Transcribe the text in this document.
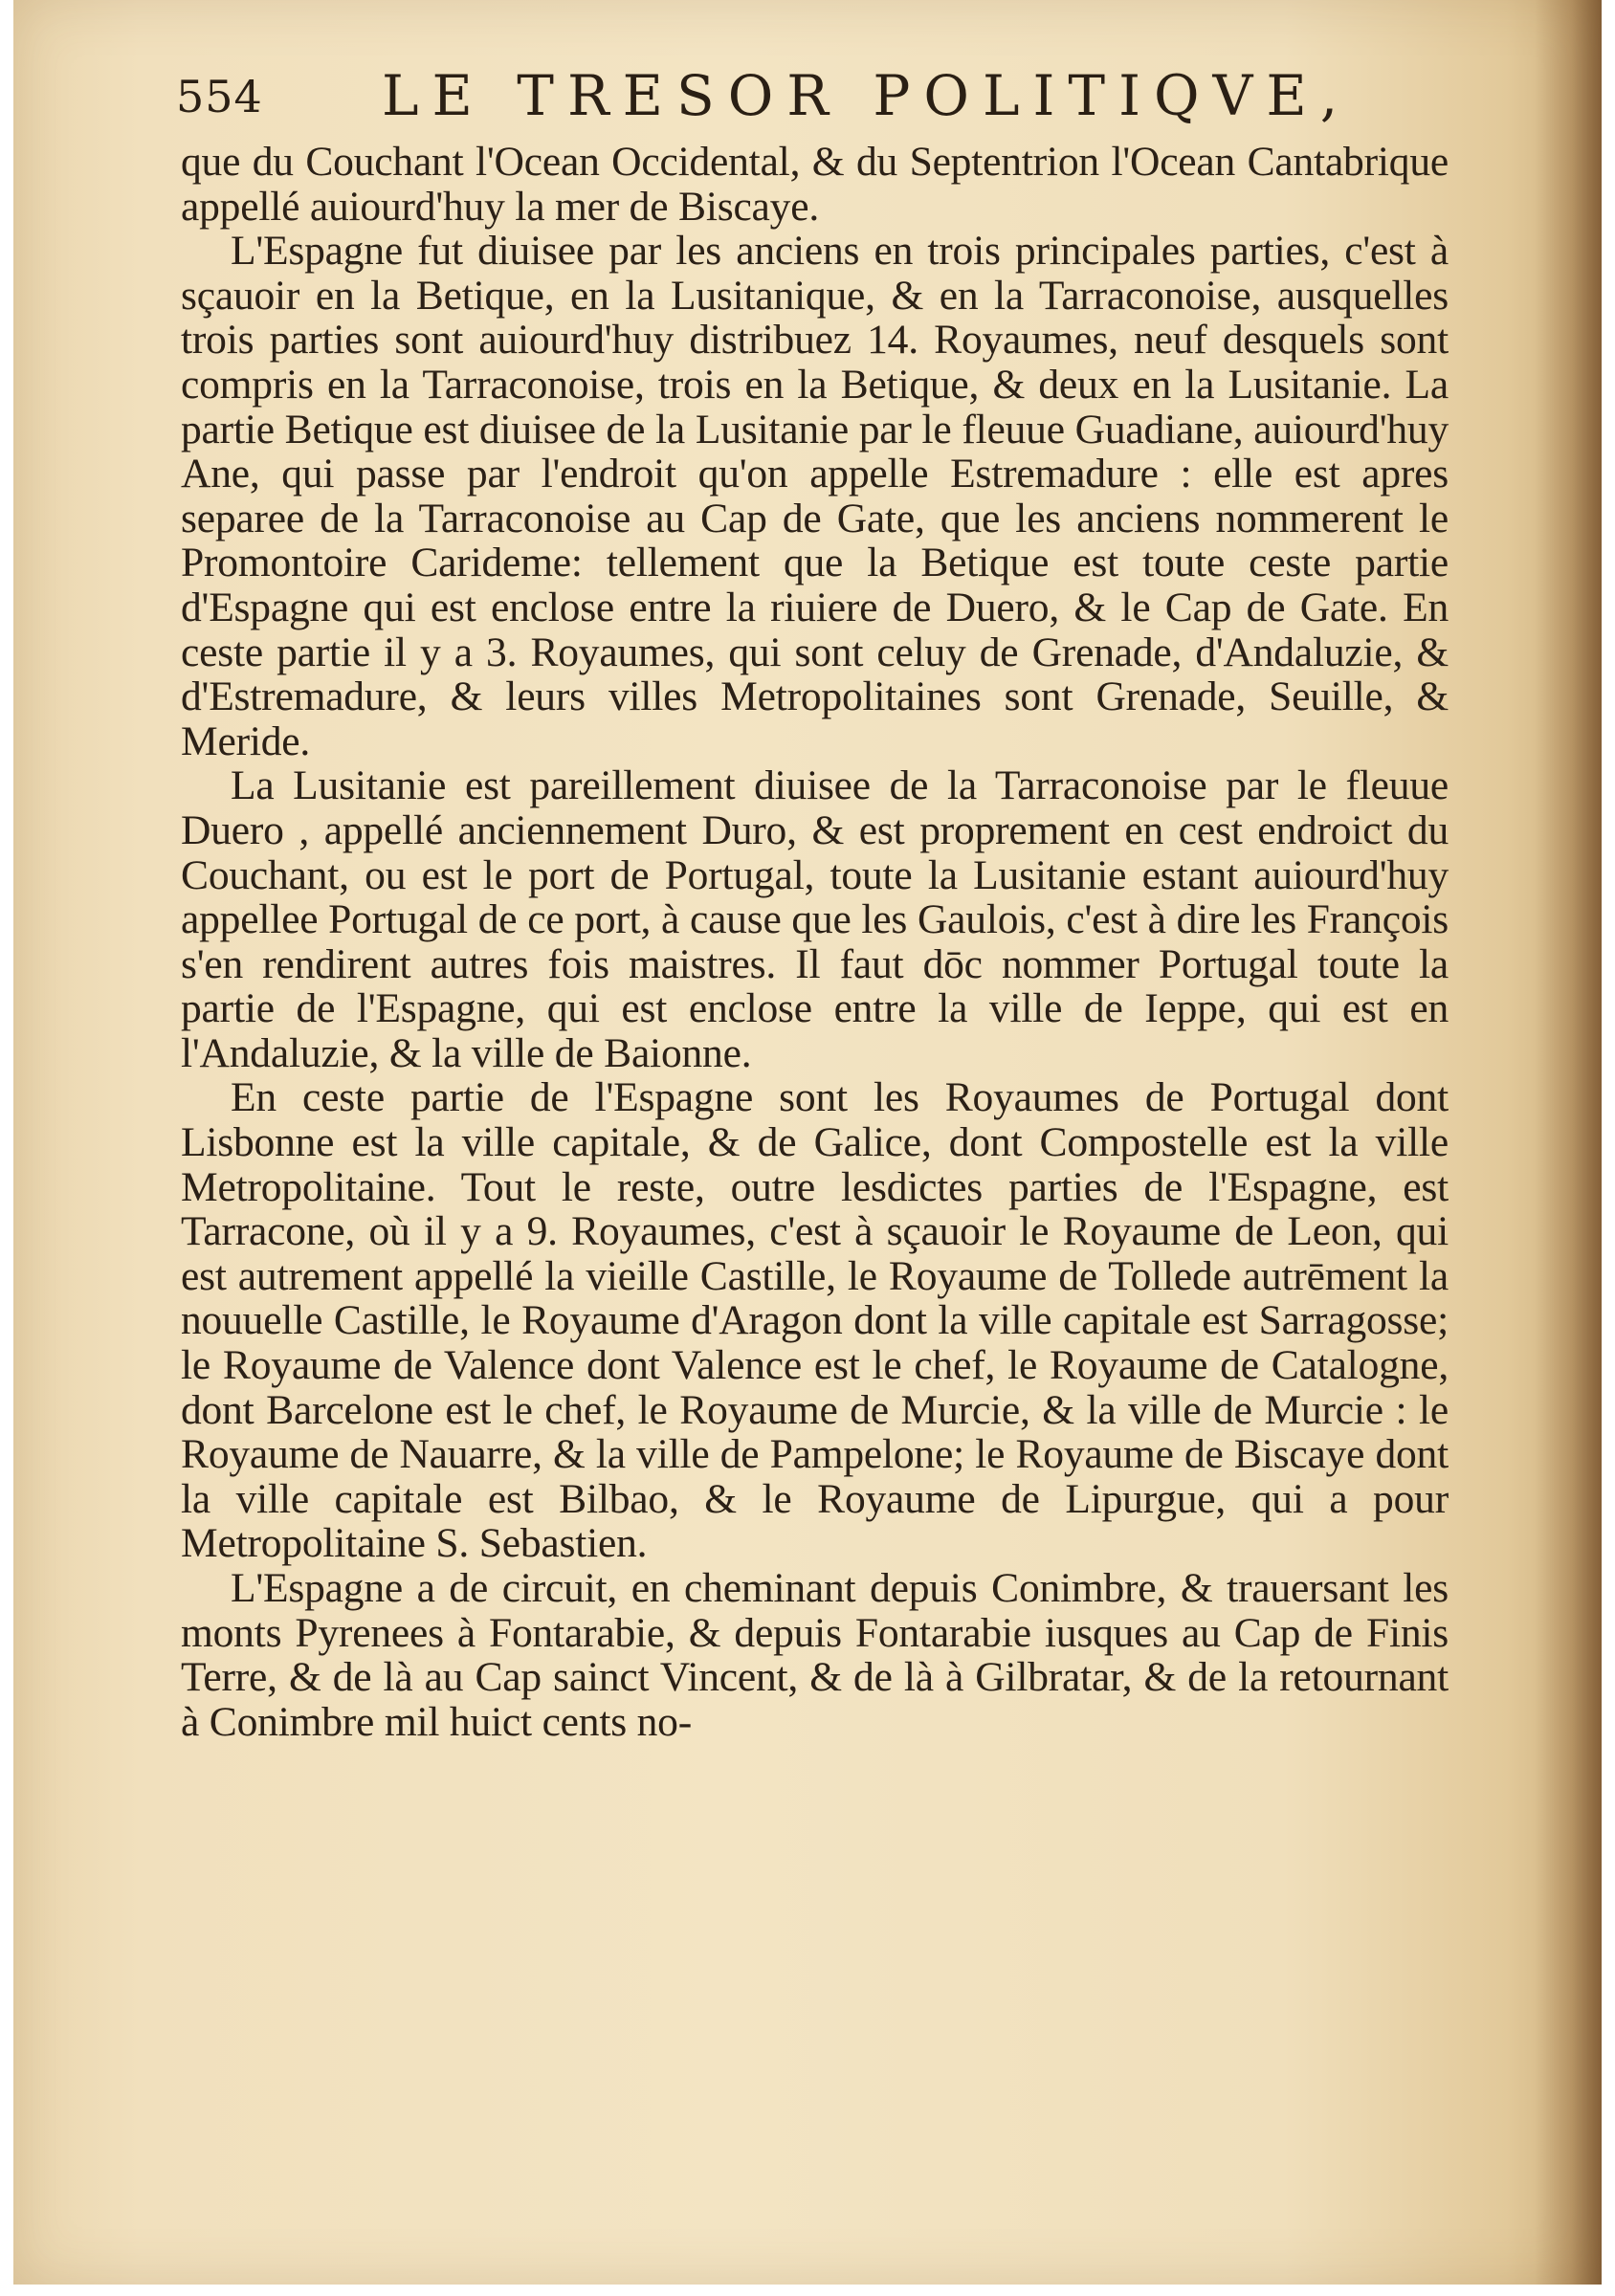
554 LE TRESOR POLITIQVE,

que du Couchant l'Ocean Occidental, & du Septentrion l'Ocean Cantabrique appellé auiourd'huy la mer de Biscaye.

L'Espagne fut diuisee par les anciens en trois principales parties, c'est à sçauoir en la Betique, en la Lusitanique, & en la Tarraconoise, ausquelles trois parties sont auiourd'huy distribuez 14. Royaumes, neuf desquels sont compris en la Tarraconoise, trois en la Betique, & deux en la Lusitanie. La partie Betique est diuisee de la Lusitanie par le fleuue Guadiane, auiourd'huy Ane, qui passe par l'endroit qu'on appelle Estremadure : elle est apres separee de la Tarraconoise au Cap de Gate, que les anciens nommerent le Promontoire Carideme: tellement que la Betique est toute ceste partie d'Espagne qui est enclose entre la riuiere de Duero, & le Cap de Gate. En ceste partie il y a 3. Royaumes, qui sont celuy de Grenade, d'Andaluzie, & d'Estremadure, & leurs villes Metropolitaines sont Grenade, Seuille, & Meride.

La Lusitanie est pareillement diuisee de la Tarraconoise par le fleuue Duero , appellé anciennement Duro, & est proprement en cest endroict du Couchant, ou est le port de Portugal, toute la Lusitanie estant auiourd'huy appellee Portugal de ce port, à cause que les Gaulois, c'est à dire les François s'en rendirent autres fois maistres. Il faut dōc nommer Portugal toute la partie de l'Espagne, qui est enclose entre la ville de Ieppe, qui est en l'Andaluzie, & la ville de Baionne.

En ceste partie de l'Espagne sont les Royaumes de Portugal dont Lisbonne est la ville capitale, & de Galice, dont Compostelle est la ville Metropolitaine. Tout le reste, outre lesdictes parties de l'Espagne, est Tarracone, où il y a 9. Royaumes, c'est à sçauoir le Royaume de Leon, qui est autrement appellé la vieille Castille, le Royaume de Tollede autrēment la nouuelle Castille, le Royaume d'Aragon dont la ville capitale est Sarragosse; le Royaume de Valence dont Valence est le chef, le Royaume de Catalogne, dont Barcelone est le chef, le Royaume de Murcie, & la ville de Murcie : le Royaume de Nauarre, & la ville de Pampelone; le Royaume de Biscaye dont la ville capitale est Bilbao, & le Royaume de Lipurgue, qui a pour Metropolitaine S. Sebastien.

L'Espagne a de circuit, en cheminant depuis Conimbre, & trauersant les monts Pyrenees à Fontarabie, & depuis Fontarabie iusques au Cap de Finis Terre, & de là au Cap sainct Vincent, & de là à Gilbratar, & de la retournant à Conimbre mil huict cents no-
